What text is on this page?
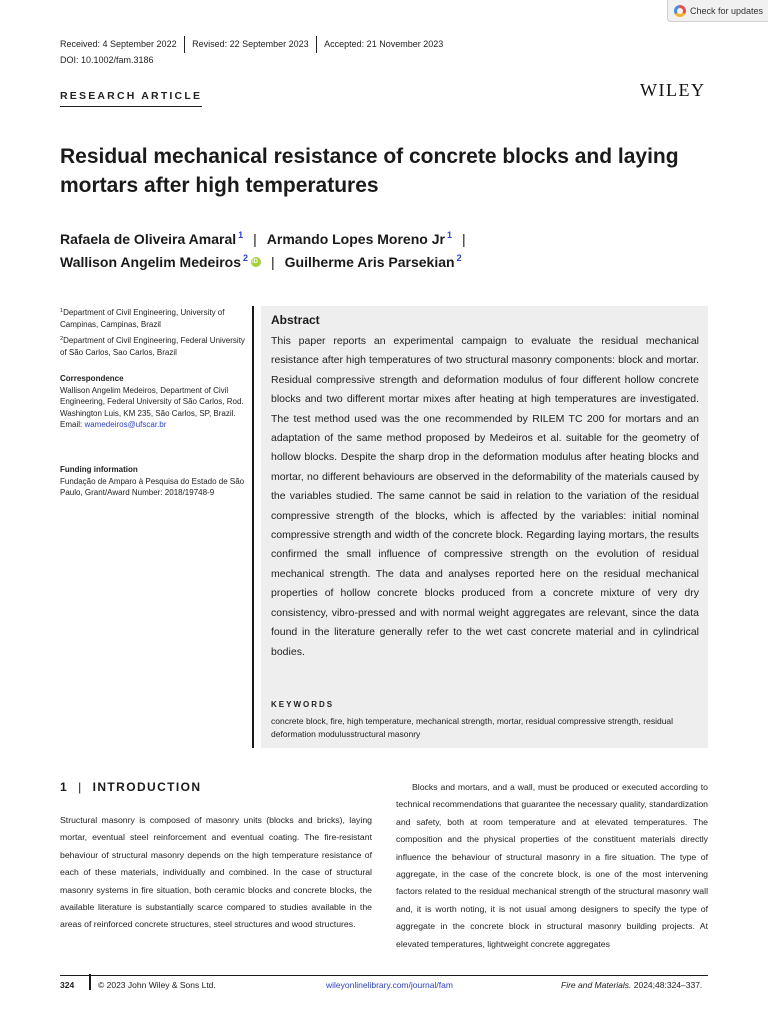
Check for updates
Received: 4 September 2022 Revised: 22 September 2023 Accepted: 21 November 2023
DOI: 10.1002/fam.3186
RESEARCH ARTICLE	WILEY
Residual mechanical resistance of concrete blocks and laying mortars after high temperatures
Rafaela de Oliveira Amaral $^1$ | Armando Lopes Moreno Jr $^1$ |
Wallison Angelim Medeiros $^2$iD | Guilherme Aris Parsekian $^2$
$^1$Department of Civil Engineering, University of Campinas, Campinas, Brazil
$^2$Department of Civil Engineering, Federal University of São Carlos, Sao Carlos, Brazil
Correspondence
Wallison Angelim Medeiros, Department of Civil Engineering, Federal University of São Carlos, Rod. Washington Luis, KM 235, São Carlos, SP, Brazil.
Email: wamedeiros@ufscar.br
Funding information
Fundação de Amparo à Pesquisa do Estado de São Paulo, Grant/Award Number: 2018/19748-9
Abstract

This paper reports an experimental campaign to evaluate the residual mechanical resistance after high temperatures of two structural masonry components: block and mortar. Residual compressive strength and deformation modulus of four different hollow concrete blocks and two different mortar mixes after heating at high temperatures are investigated. The test method used was the one recommended by RILEM TC 200 for mortars and an adaptation of the same method proposed by Medeiros et al. suitable for the geometry of hollow blocks. Despite the sharp drop in the deformation modulus after heating blocks and mortar, no different behaviours are observed in the deformability of the materials caused by the variables studied. The same cannot be said in relation to the variation of the residual compressive strength of the blocks, which is affected by the variables: initial nominal compressive strength and width of the concrete block. Regarding laying mortars, the results confirmed the small influence of compressive strength on the evolution of residual mechanical strength. The data and analyses reported here on the residual mechanical properties of hollow concrete blocks produced from a concrete mixture of very dry consistency, vibro-pressed and with normal weight aggregates are relevant, since the data found in the literature generally refer to the wet cast concrete material and in cylindrical bodies.

KEYWORDS

concrete block, fire, high temperature, mechanical strength, mortar, residual compressive strength, residual deformation modulusstructural masonry

1 | INTRODUCTION

Structural masonry is composed of masonry units (blocks and bricks), laying mortar, eventual steel reinforcement and eventual coating. The fire-resistant behaviour of structural masonry depends on the high temperature resistance of each of these materials, individually and combined. In the case of structural masonry systems in fire situation, both ceramic blocks and concrete blocks, the available literature is substantially scarce compared to studies available in the areas of reinforced concrete structures, steel structures and wood structures.

Blocks and mortars, and a wall, must be produced or executed according to technical recommendations that guarantee the necessary quality, standardization and safety, both at room temperature and at elevated temperatures. The composition and the physical properties of the constituent materials directly influence the behaviour of structural masonry in a fire situation. The type of aggregate, in the case of the concrete block, is one of the most intervening factors related to the residual mechanical strength of the structural masonry wall and, it is worth noting, it is not usual among designers to specify the type of aggregate in the concrete block in structural masonry building projects. At elevated temperatures, lightweight concrete aggregates

324	© 2023 John Wiley & Sons Ltd.	wileyonlinelibrary.com/journal/fam	Fire and Materials. 2024;48:324–337.
